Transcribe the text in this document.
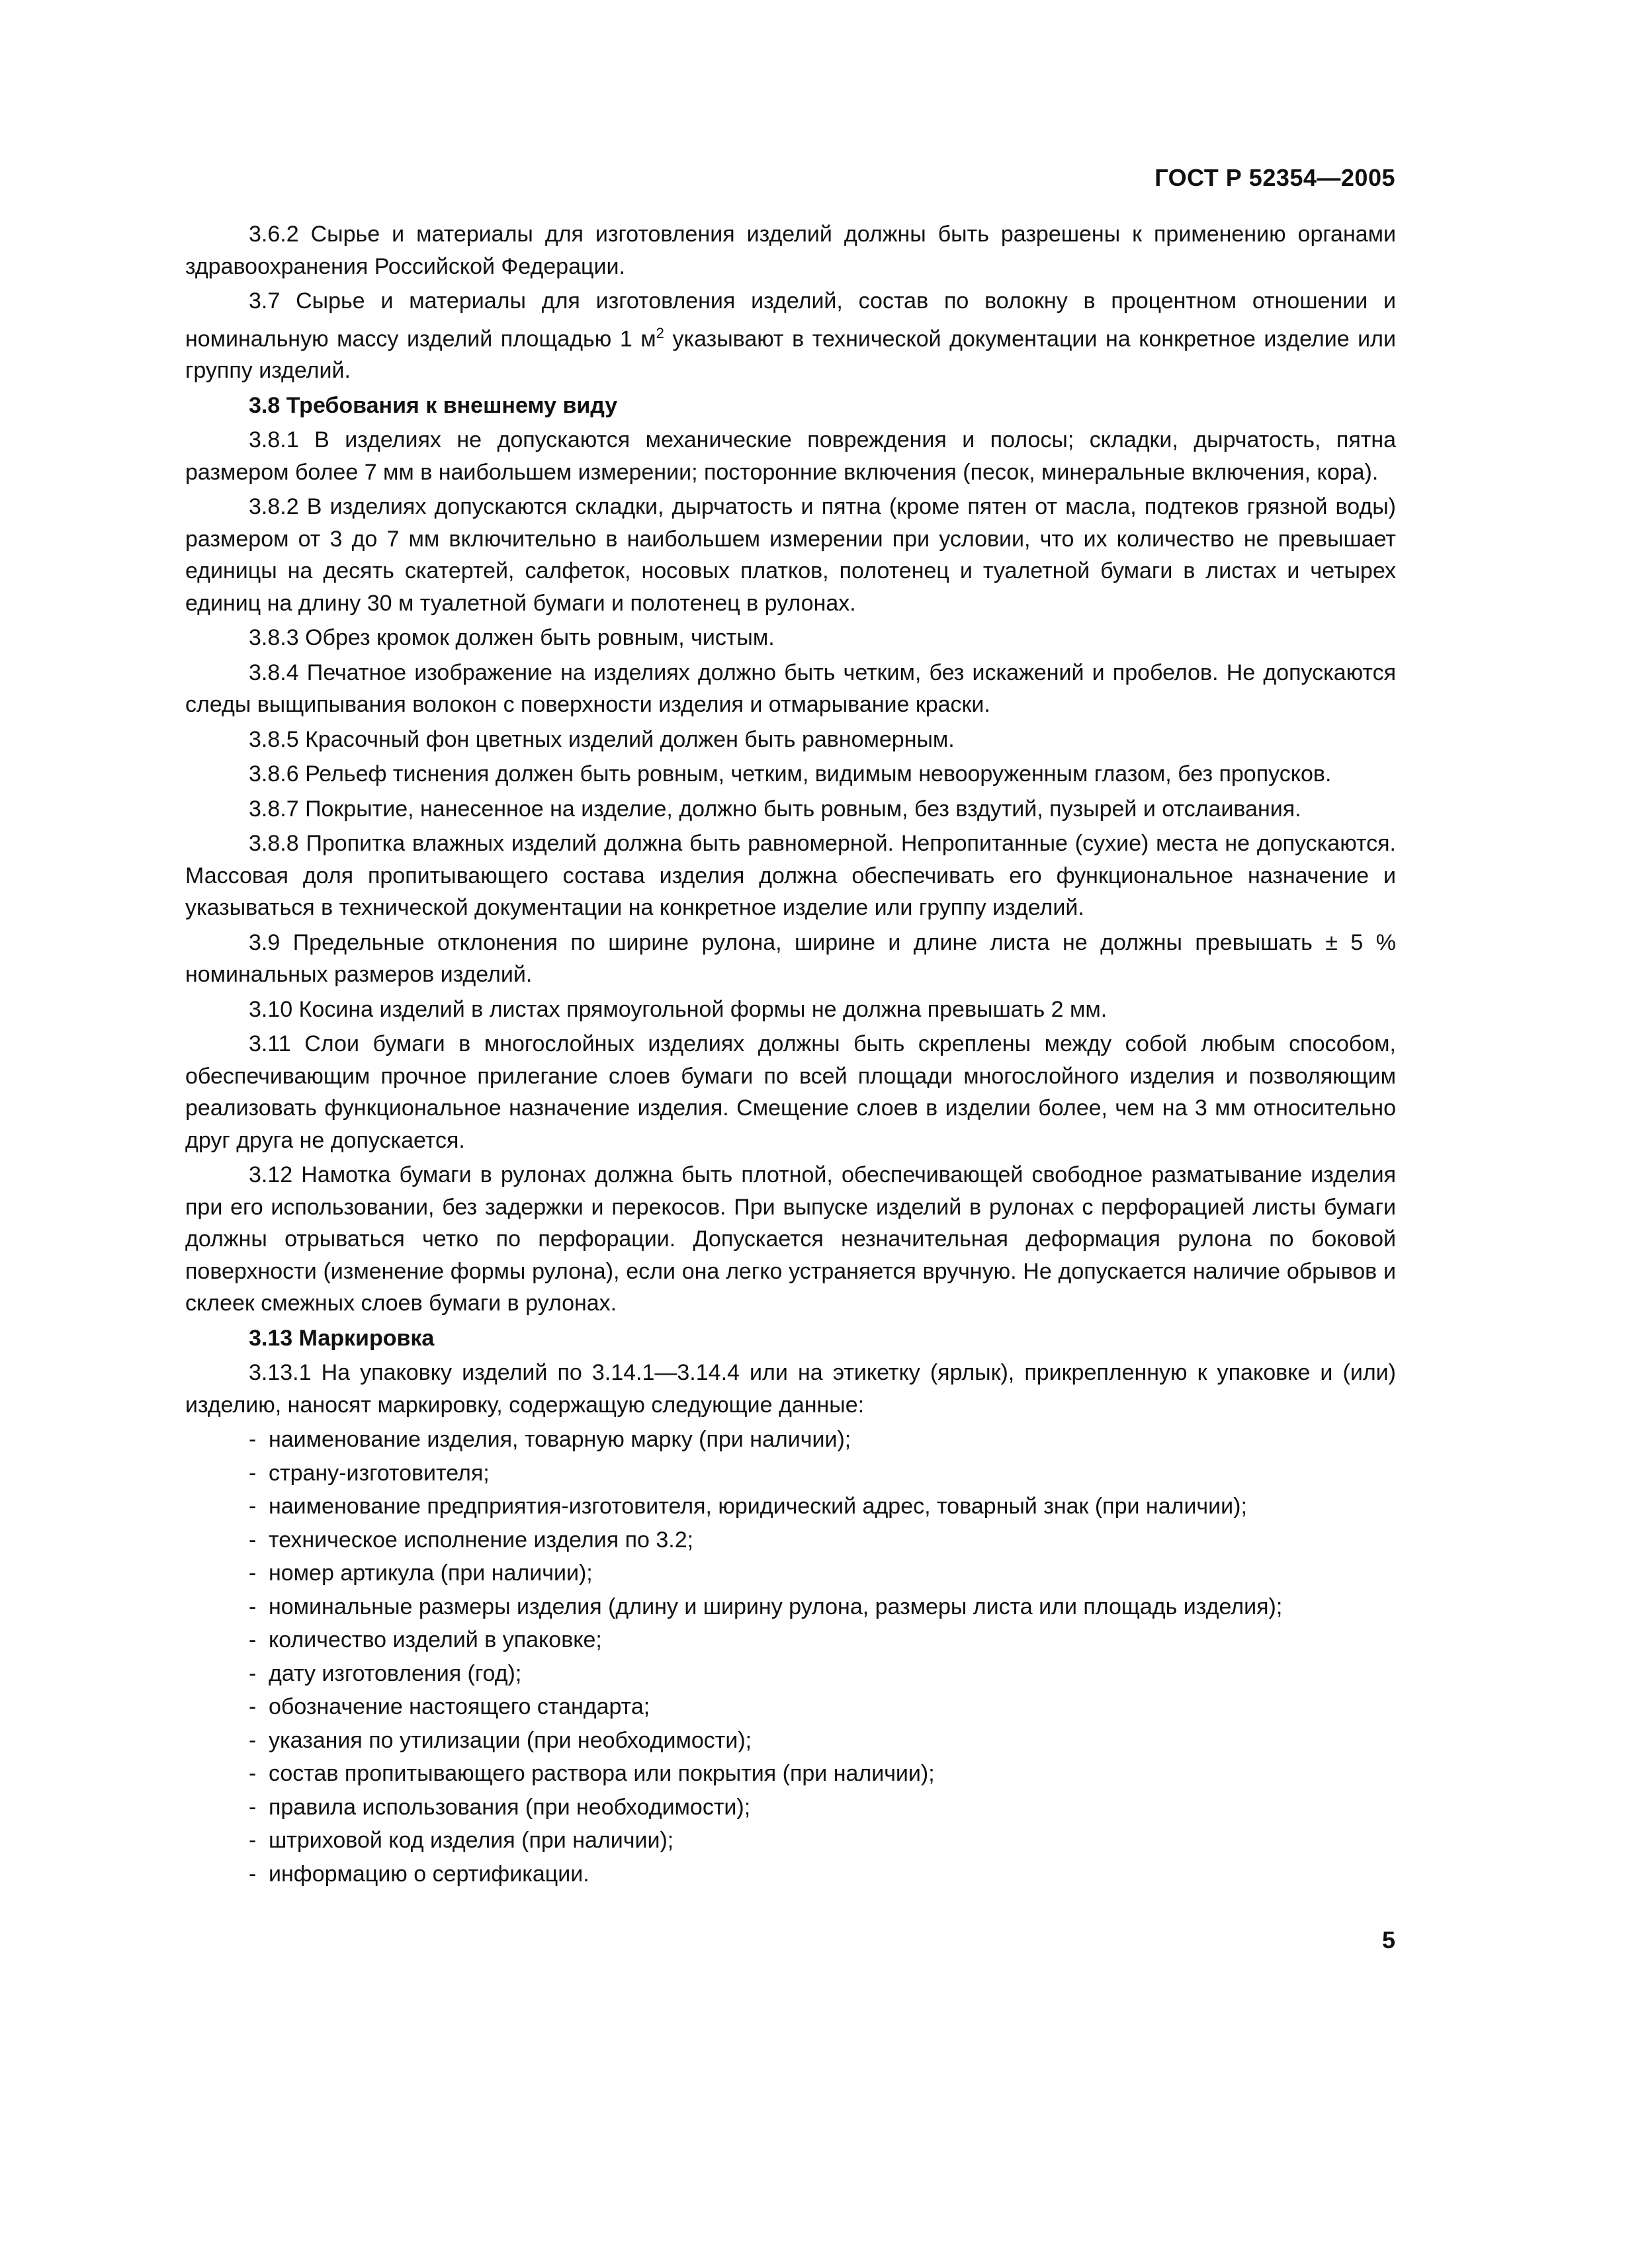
ГОСТ Р 52354—2005

3.6.2 Сырье и материалы для изготовления изделий должны быть разрешены к применению органами здравоохранения Российской Федерации.

3.7 Сырье и материалы для изготовления изделий, состав по волокну в процентном отношении и номинальную массу изделий площадью 1 $м^2$ указывают в технической документации на конкретное изделие или группу изделий.

3.8 Требования к внешнему виду

3.8.1 В изделиях не допускаются механические повреждения и полосы; складки, дырчатость, пятна размером более 7 мм в наибольшем измерении; посторонние включения (песок, минеральные включения, кора).

3.8.2 В изделиях допускаются складки, дырчатость и пятна (кроме пятен от масла, подтеков грязной воды) размером от 3 до 7 мм включительно в наибольшем измерении при условии, что их количество не превышает единицы на десять скатертей, салфеток, носовых платков, полотенец и туалетной бумаги в листах и четырех единиц на длину 30 м туалетной бумаги и полотенец в рулонах.

3.8.3 Обрез кромок должен быть ровным, чистым.

3.8.4 Печатное изображение на изделиях должно быть четким, без искажений и пробелов. Не допускаются следы выщипывания волокон с поверхности изделия и отмарывание краски.

3.8.5 Красочный фон цветных изделий должен быть равномерным.

3.8.6 Рельеф тиснения должен быть ровным, четким, видимым невооруженным глазом, без пропусков.

3.8.7 Покрытие, нанесенное на изделие, должно быть ровным, без вздутий, пузырей и отслаивания.

3.8.8 Пропитка влажных изделий должна быть равномерной. Непропитанные (сухие) места не допускаются. Массовая доля пропитывающего состава изделия должна обеспечивать его функциональное назначение и указываться в технической документации на конкретное изделие или группу изделий.

3.9 Предельные отклонения по ширине рулона, ширине и длине листа не должны превышать ± 5 % номинальных размеров изделий.

3.10 Косина изделий в листах прямоугольной формы не должна превышать 2 мм.

3.11 Слои бумаги в многослойных изделиях должны быть скреплены между собой любым способом, обеспечивающим прочное прилегание слоев бумаги по всей площади многослойного изделия и позволяющим реализовать функциональное назначение изделия. Смещение слоев в изделии более, чем на 3 мм относительно друг друга не допускается.

3.12 Намотка бумаги в рулонах должна быть плотной, обеспечивающей свободное разматывание изделия при его использовании, без задержки и перекосов. При выпуске изделий в рулонах с перфорацией листы бумаги должны отрываться четко по перфорации. Допускается незначительная деформация рулона по боковой поверхности (изменение формы рулона), если она легко устраняется вручную. Не допускается наличие обрывов и склеек смежных слоев бумаги в рулонах.

3.13 Маркировка

3.13.1 На упаковку изделий по 3.14.1—3.14.4 или на этикетку (ярлык), прикрепленную к упаковке и (или) изделию, наносят маркировку, содержащую следующие данные:

- наименование изделия, товарную марку (при наличии);
- страну-изготовителя;
- наименование предприятия-изготовителя, юридический адрес, товарный знак (при наличии);
- техническое исполнение изделия по 3.2;
- номер артикула (при наличии);
- номинальные размеры изделия (длину и ширину рулона, размеры листа или площадь изделия);
- количество изделий в упаковке;
- дату изготовления (год);
- обозначение настоящего стандарта;
- указания по утилизации (при необходимости);
- состав пропитывающего раствора или покрытия (при наличии);
- правила использования (при необходимости);
- штриховой код изделия (при наличии);
- информацию о сертификации.
5
